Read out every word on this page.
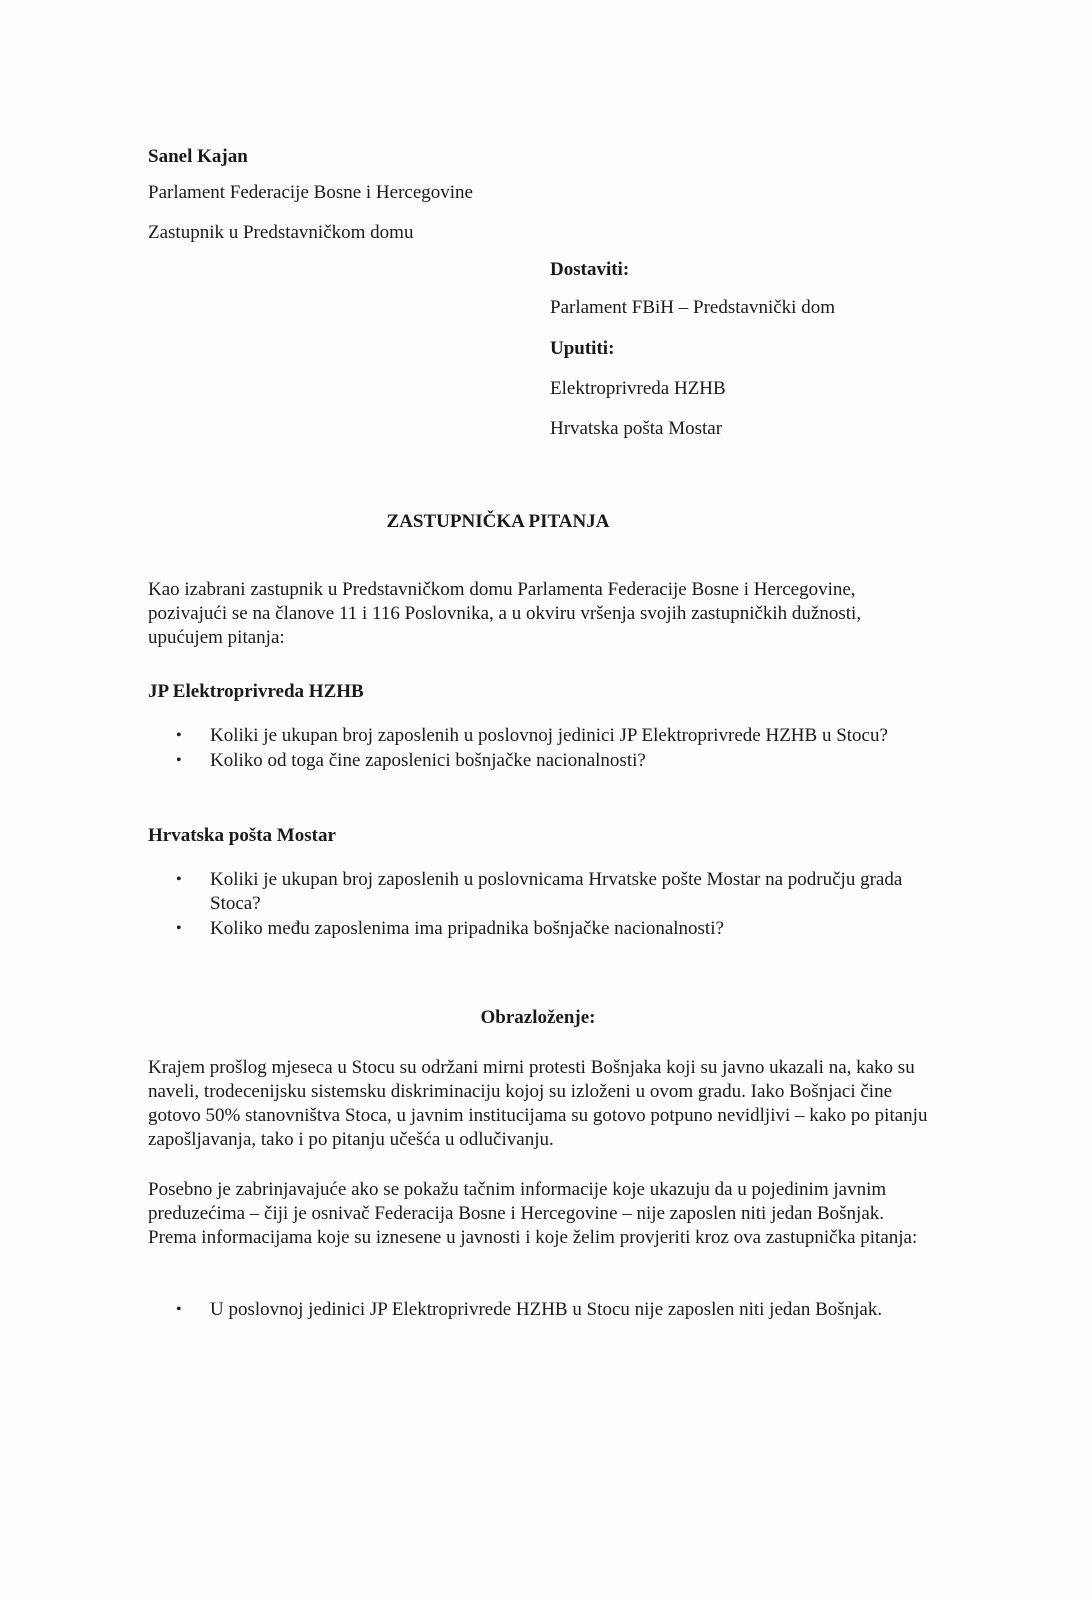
Sanel Kajan

Parlament Federacije Bosne i Hercegovine

Zastupnik u Predstavničkom domu

Dostaviti:

Parlament FBiH – Predstavnički dom

Uputiti:

Elektroprivreda HZHB

Hrvatska pošta Mostar

ZASTUPNIČKA PITANJA

Kao izabrani zastupnik u Predstavničkom domu Parlamenta Federacije Bosne i Hercegovine, pozivajući se na članove 11 i 116 Poslovnika, a u okviru vršenja svojih zastupničkih dužnosti, upućujem pitanja:

JP Elektroprivreda HZHB

• Koliki je ukupan broj zaposlenih u poslovnoj jedinici JP Elektroprivrede HZHB u Stocu?
• Koliko od toga čine zaposlenici bošnjačke nacionalnosti?

Hrvatska pošta Mostar

• Koliki je ukupan broj zaposlenih u poslovnicama Hrvatske pošte Mostar na području grada Stoca?
• Koliko među zaposlenima ima pripadnika bošnjačke nacionalnosti?

Obrazloženje:

Krajem prošlog mjeseca u Stocu su održani mirni protesti Bošnjaka koji su javno ukazali na, kako su naveli, trodecenijsku sistemsku diskriminaciju kojoj su izloženi u ovom gradu. Iako Bošnjaci čine gotovo 50% stanovništva Stoca, u javnim institucijama su gotovo potpuno nevidljivi – kako po pitanju zapošljavanja, tako i po pitanju učešća u odlučivanju.

Posebno je zabrinjavajuće ako se pokažu tačnim informacije koje ukazuju da u pojedinim javnim preduzećima – čiji je osnivač Federacija Bosne i Hercegovine – nije zaposlen niti jedan Bošnjak. Prema informacijama koje su iznesene u javnosti i koje želim provjeriti kroz ova zastupnička pitanja:

• U poslovnoj jedinici JP Elektroprivrede HZHB u Stocu nije zaposlen niti jedan Bošnjak.
